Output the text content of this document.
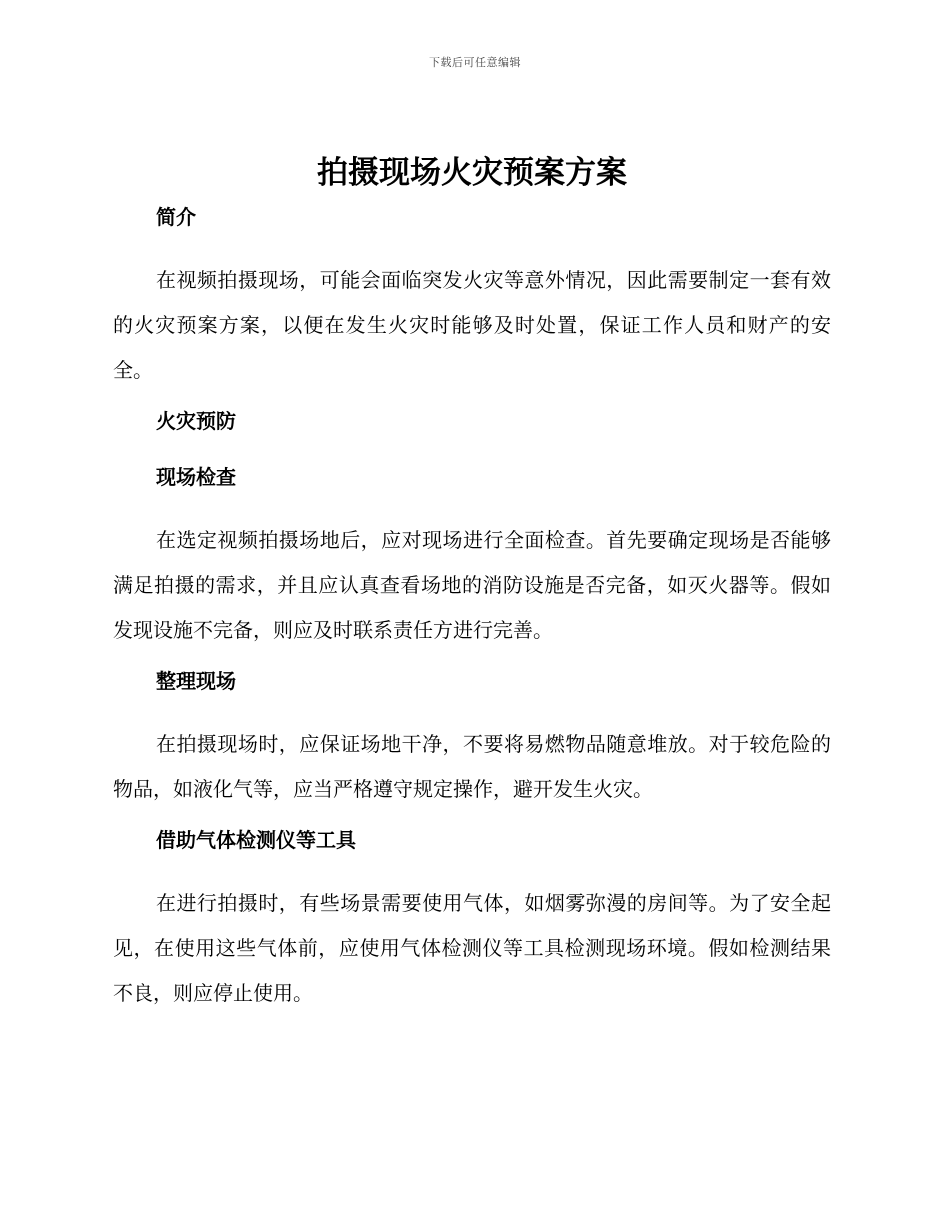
下载后可任意编辑
拍摄现场火灾预案方案
简介
在视频拍摄现场，可能会面临突发火灾等意外情况，因此需要制定一套有效的火灾预案方案，以便在发生火灾时能够及时处置，保证工作人员和财产的安全。
火灾预防
现场检查
在选定视频拍摄场地后，应对现场进行全面检查。首先要确定现场是否能够满足拍摄的需求，并且应认真查看场地的消防设施是否完备，如灭火器等。假如发现设施不完备，则应及时联系责任方进行完善。
整理现场
在拍摄现场时，应保证场地干净，不要将易燃物品随意堆放。对于较危险的物品，如液化气等，应当严格遵守规定操作，避开发生火灾。
借助气体检测仪等工具
在进行拍摄时，有些场景需要使用气体，如烟雾弥漫的房间等。为了安全起见，在使用这些气体前，应使用气体检测仪等工具检测现场环境。假如检测结果不良，则应停止使用。
